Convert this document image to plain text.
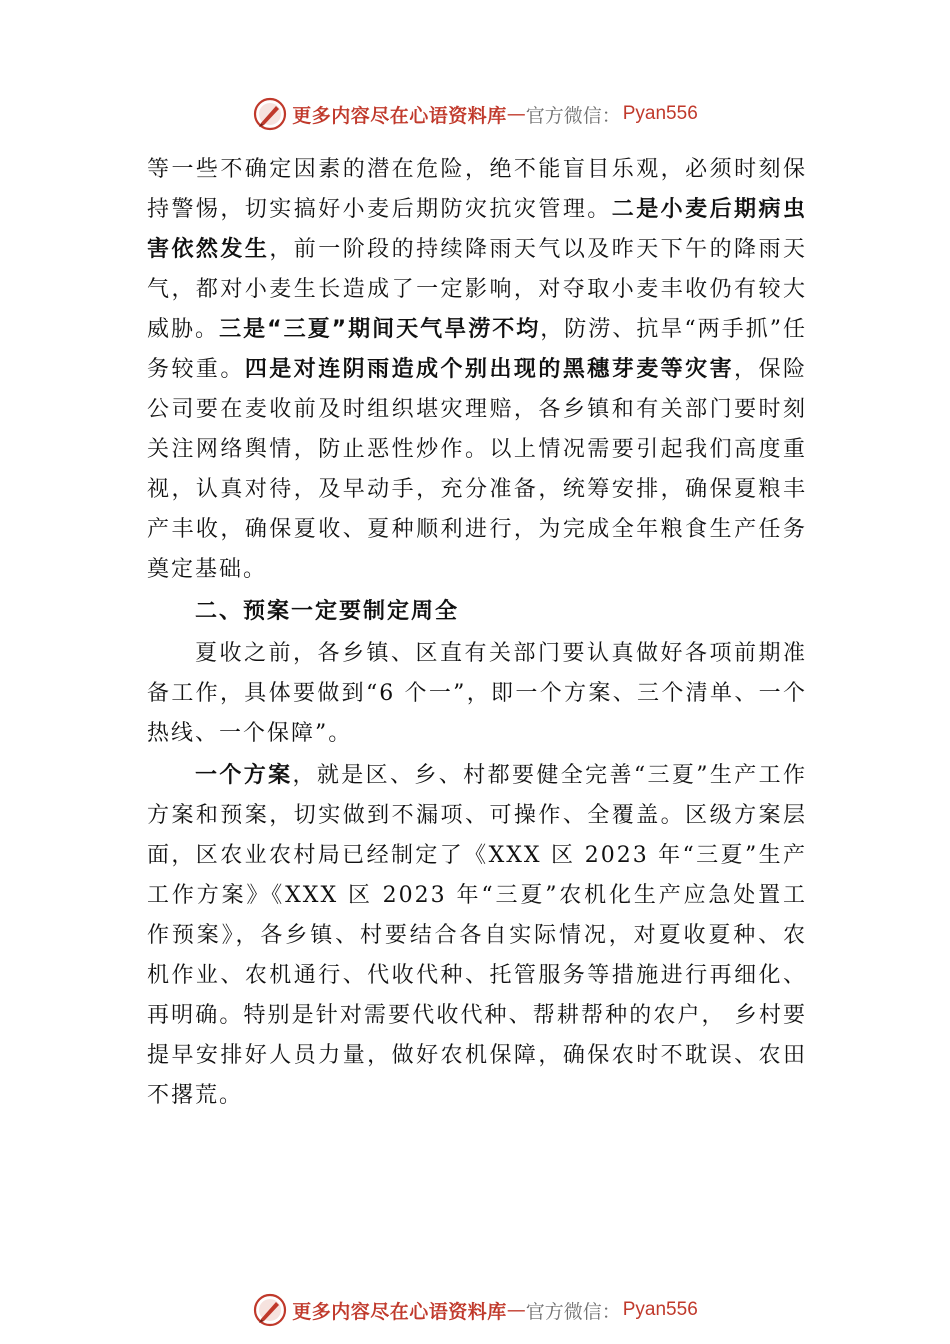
更多内容尽在心语资料库 — 官方微信： Pyan556

等一些不确定因素的潜在危险，绝不能盲目乐观，必须时刻保持警惕，切实搞好小麦后期防灾抗灾管理。二是小麦后期病虫害依然发生，前一阶段的持续降雨天气以及昨天下午的降雨天气，都对小麦生长造成了一定影响，对夺取小麦丰收仍有较大威胁。三是“三夏”期间天气旱涝不均，防涝、抗旱“两手抓”任务较重。四是对连阴雨造成个别出现的黑穗芽麦等灾害，保险公司要在麦收前及时组织堪灾理赔，各乡镇和有关部门要时刻关注网络舆情，防止恶性炒作。以上情况需要引起我们高度重视，认真对待，及早动手，充分准备，统筹安排，确保夏粮丰产丰收，确保夏收、夏种顺利进行，为完成全年粮食生产任务奠定基础。

二、预案一定要制定周全

夏收之前，各乡镇、区直有关部门要认真做好各项前期准备工作，具体要做到“6 个一”，即一个方案、三个清单、一个热线、一个保障”。

一个方案，就是区、乡、村都要健全完善“三夏”生产工作方案和预案，切实做到不漏项、可操作、全覆盖。区级方案层面，区农业农村局已经制定了《XXX 区 2023 年“三夏”生产工作方案》《XXX 区 2023 年“三夏”农机化生产应急处置工作预案》，各乡镇、村要结合各自实际情况，对夏收夏种、农机作业、农机通行、代收代种、托管服务等措施进行再细化、再明确。特别是针对需要代收代种、帮耕帮种的农户， 乡村要提早安排好人员力量，做好农机保障，确保农时不耽误、农田不撂荒。

更多内容尽在心语资料库 — 官方微信： Pyan556
